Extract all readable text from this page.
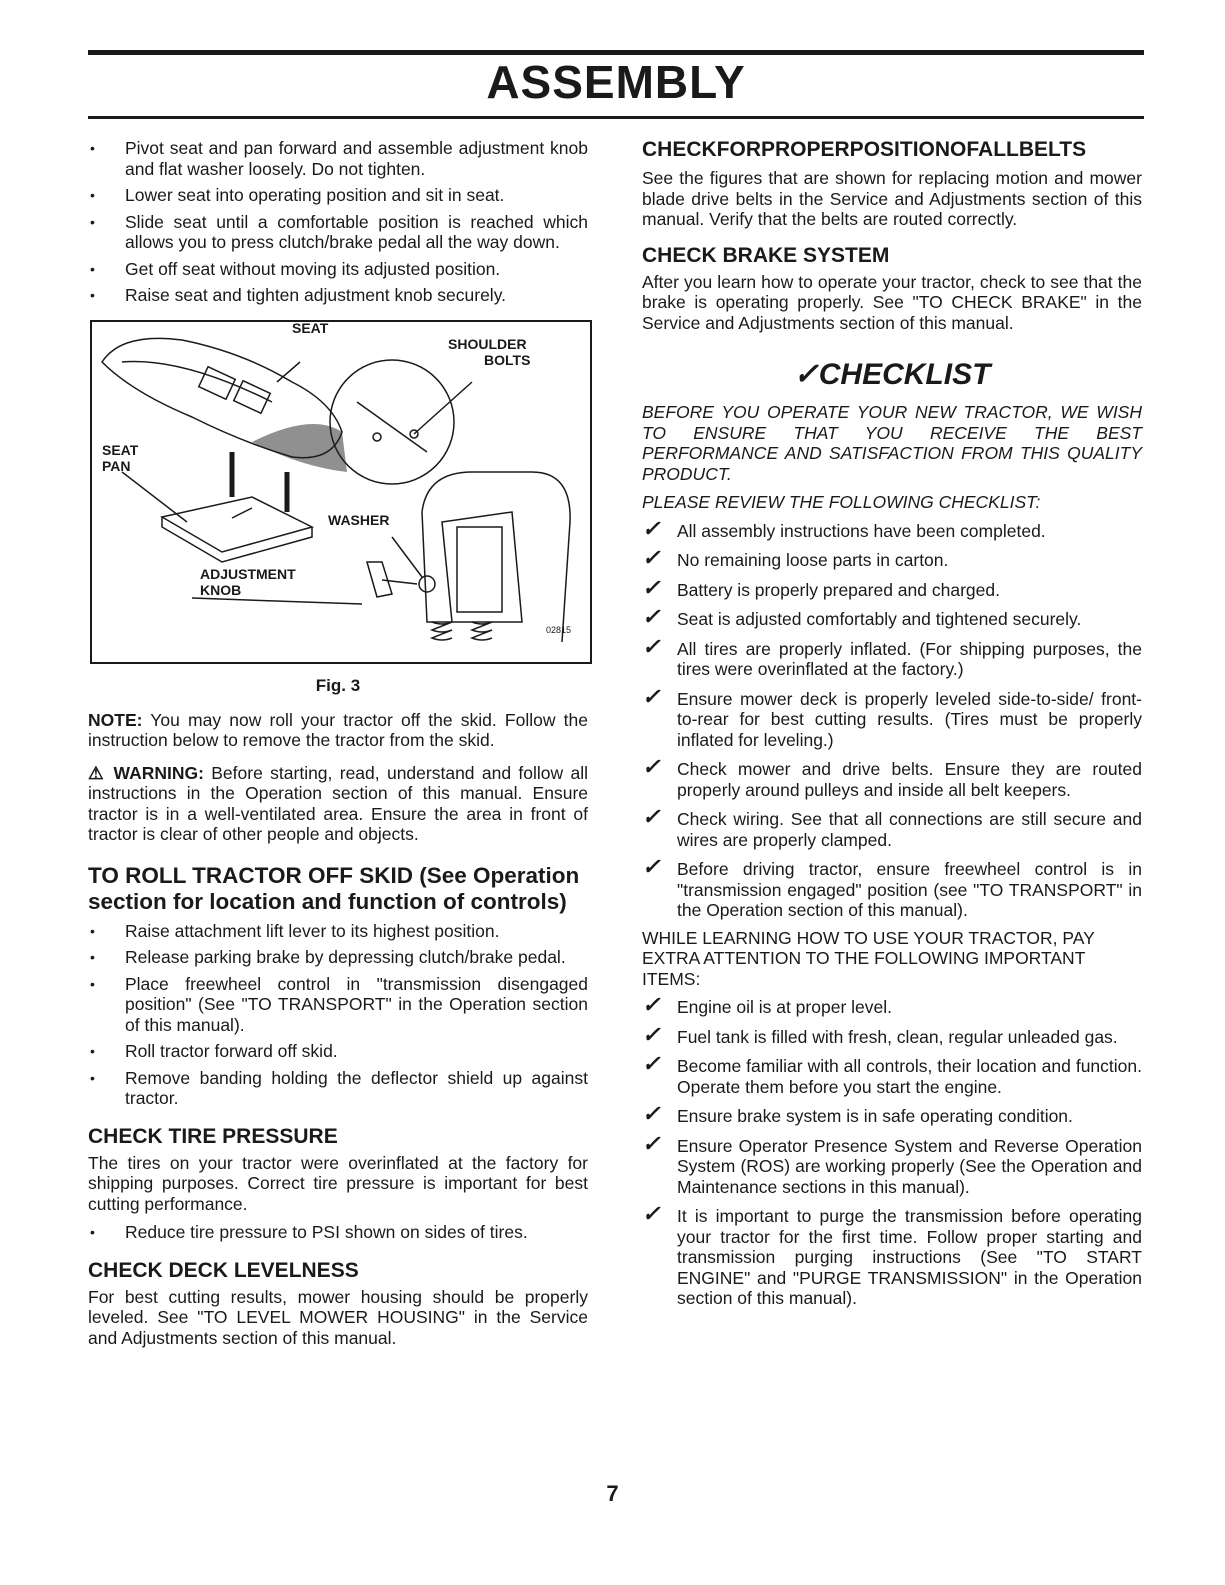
ASSEMBLY
• Pivot seat and pan forward and assemble adjustment knob and flat washer loosely. Do not tighten.
• Lower seat into operating position and sit in seat.
• Slide seat until a comfortable position is reached which allows you to press clutch/brake pedal all the way down.
• Get off seat without moving its adjusted position.
• Raise seat and tighten adjustment knob securely.
SEAT
SHOULDER
BOLTS
SEAT
PAN
WASHER
ADJUSTMENT
KNOB
02815
Fig. 3

NOTE: You may now roll your tractor off the skid. Follow the instruction below to remove the tractor from the skid.

⚠ WARNING: Before starting, read, understand and follow all instructions in the Operation section of this manual. Ensure tractor is in a well-ventilated area. Ensure the area in front of tractor is clear of other people and objects.

TO ROLL TRACTOR OFF SKID (See Operation section for location and function of controls)
• Raise attachment lift lever to its highest position.
• Release parking brake by depressing clutch/brake pedal.
• Place freewheel control in "transmission disengaged position" (See "TO TRANSPORT" in the Operation section of this manual).
• Roll tractor forward off skid.
• Remove banding holding the deflector shield up against tractor.
CHECK TIRE PRESSURE

The tires on your tractor were overinflated at the factory for shipping purposes. Correct tire pressure is important for best cutting performance.

• Reduce tire pressure to PSI shown on sides of tires.
CHECK DECK LEVELNESS

For best cutting results, mower housing should be properly leveled. See "TO LEVEL MOWER HOUSING" in the Service and Adjustments section of this manual.

CHECKFORPROPERPOSITIONOFALLBELTS

See the figures that are shown for replacing motion and mower blade drive belts in the Service and Adjustments section of this manual. Verify that the belts are routed correctly.

CHECK BRAKE SYSTEM

After you learn how to operate your tractor, check to see that the brake is operating properly. See "TO CHECK BRAKE" in the Service and Adjustments section of this manual.

✓CHECKLIST

BEFORE YOU OPERATE YOUR NEW TRACTOR, WE WISH TO ENSURE THAT YOU RECEIVE THE BEST PERFORMANCE AND SATISFACTION FROM THIS QUALITY PRODUCT.

PLEASE REVIEW THE FOLLOWING CHECKLIST:

✓ All assembly instructions have been completed.
✓ No remaining loose parts in carton.
✓ Battery is properly prepared and charged.
✓ Seat is adjusted comfortably and tightened securely.
✓ All tires are properly inflated. (For shipping purposes, the tires were overinflated at the factory.)
✓ Ensure mower deck is properly leveled side-to-side/ front-to-rear for best cutting results. (Tires must be properly inflated for leveling.)
✓ Check mower and drive belts. Ensure they are routed properly around pulleys and inside all belt keepers.
✓ Check wiring. See that all connections are still secure and wires are properly clamped.
✓ Before driving tractor, ensure freewheel control is in "transmission engaged" position (see "TO TRANSPORT" in the Operation section of this manual).

WHILE LEARNING HOW TO USE YOUR TRACTOR, PAY EXTRA ATTENTION TO THE FOLLOWING IMPORTANT ITEMS:

✓ Engine oil is at proper level.
✓ Fuel tank is filled with fresh, clean, regular unleaded gas.
✓ Become familiar with all controls, their location and function. Operate them before you start the engine.
✓ Ensure brake system is in safe operating condition.
✓ Ensure Operator Presence System and Reverse Operation System (ROS) are working properly (See the Operation and Maintenance sections in this manual).
✓ It is important to purge the transmission before operating your tractor for the first time. Follow proper starting and transmission purging instructions (See "TO START ENGINE" and "PURGE TRANSMISSION" in the Operation section of this manual).
7
